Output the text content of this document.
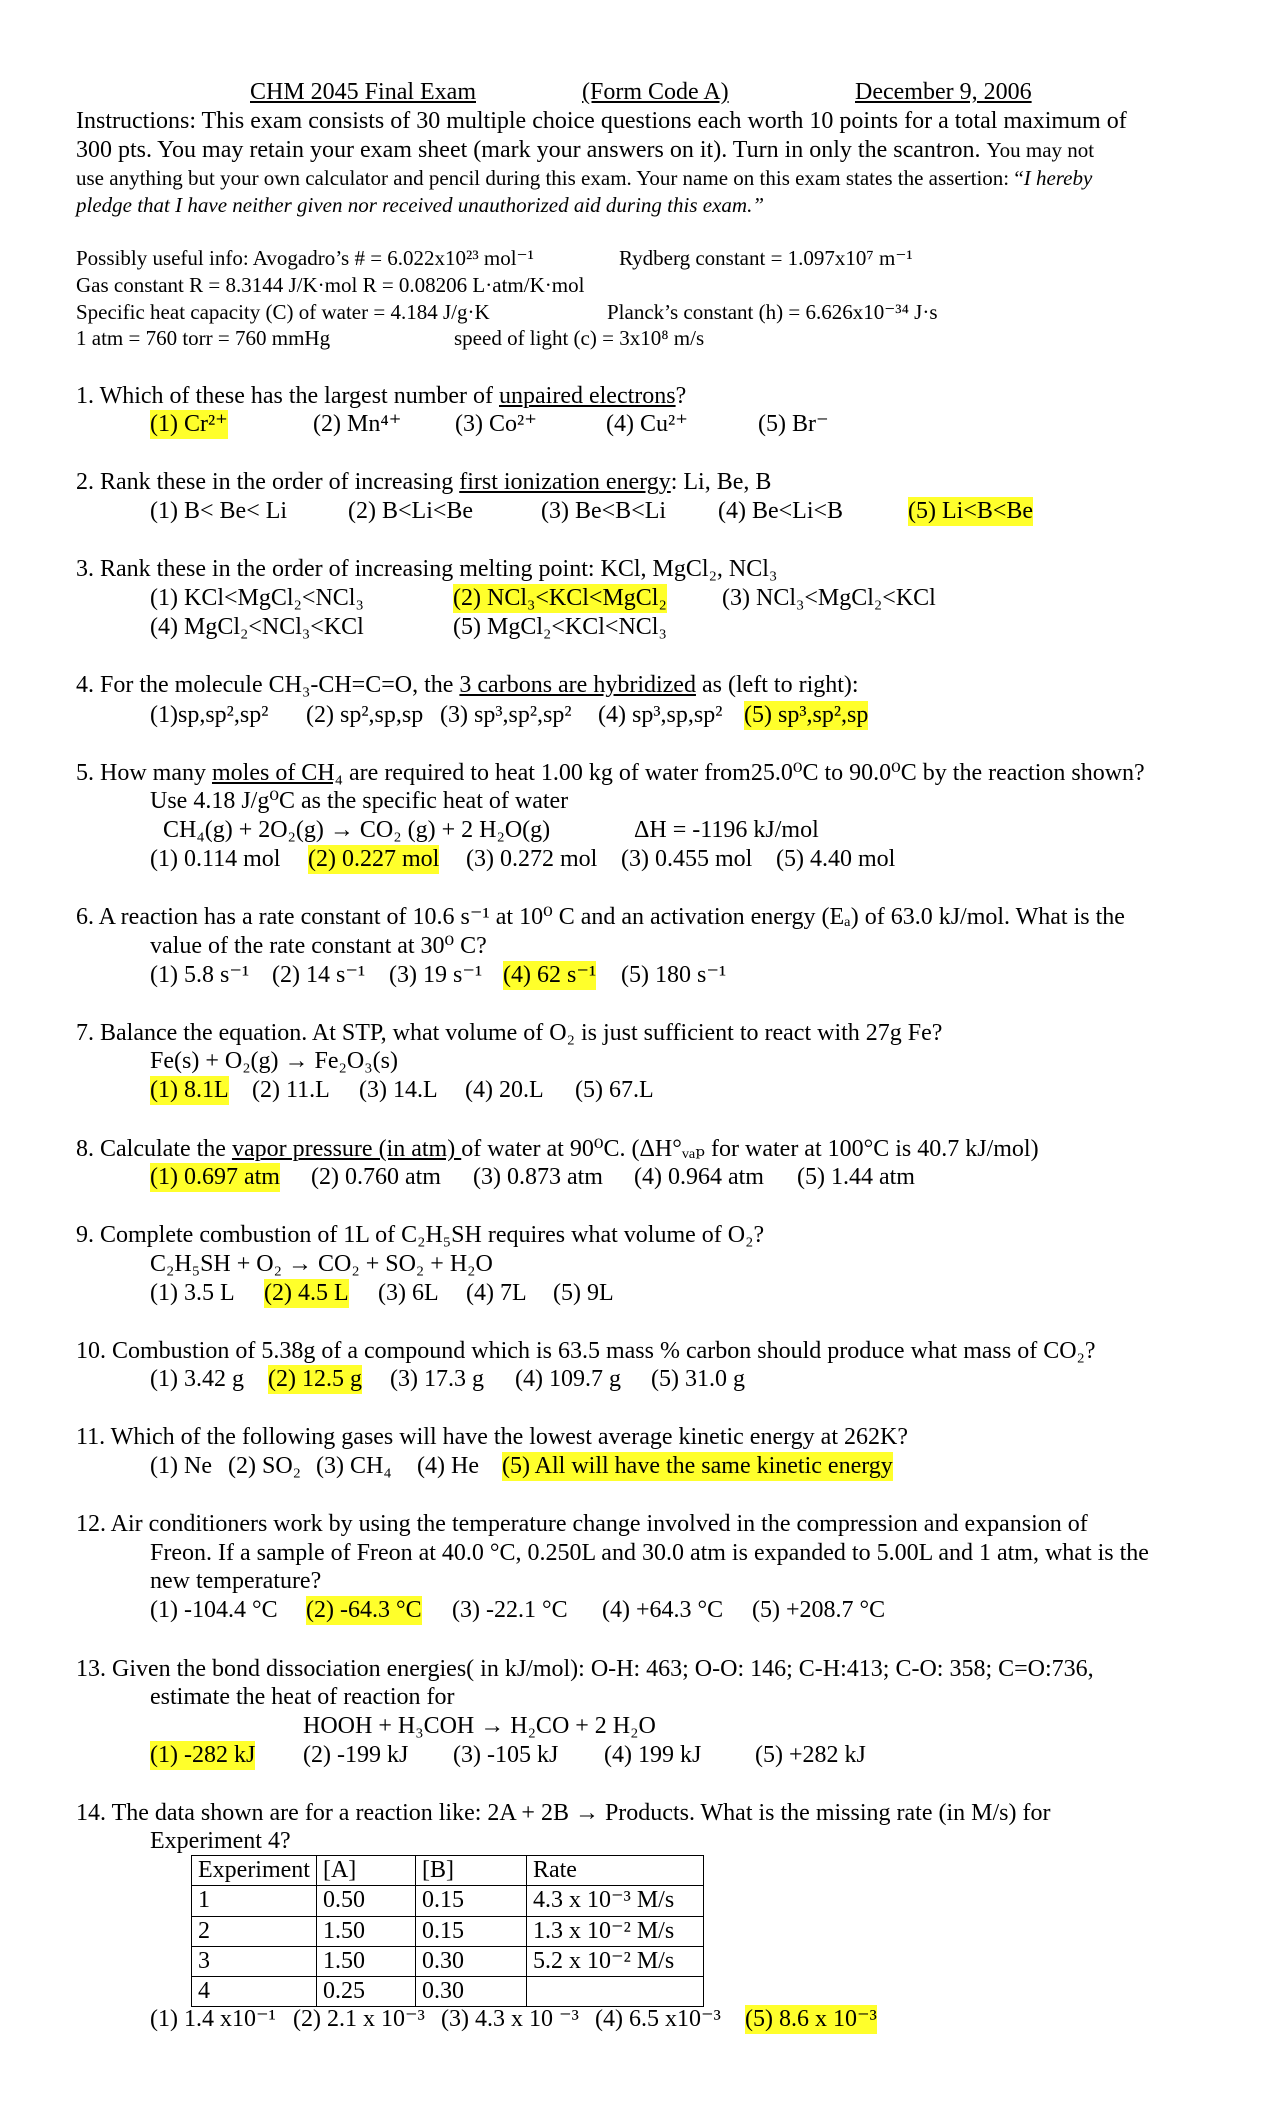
CHM 2045 Final Exam	(Form Code A)	December 9, 2006
Instructions: This exam consists of 30 multiple choice questions each worth 10 points for a total maximum of
300 pts. You may retain your exam sheet (mark your answers on it). Turn in only the scantron. You may not
use anything but your own calculator and pencil during this exam. Your name on this exam states the assertion: “I hereby
pledge that I have neither given nor received unauthorized aid during this exam.”
Possibly useful info: Avogadro’s # = 6.022x10²³ mol⁻¹	Rydberg constant = 1.097x10⁷ m⁻¹
Gas constant R = 8.3144 J/K·mol R = 0.08206 L·atm/K·mol
Specific heat capacity (C) of water = 4.184 J/g·K	Planck’s constant (h) = 6.626x10⁻³⁴ J·s
1 atm = 760 torr = 760 mmHg	speed of light (c) = 3x10⁸ m/s
1. Which of these has the largest number of unpaired electrons?
(1) Cr²⁺	(2) Mn⁴⁺ (3) Co²⁺	(4) Cu²⁺	(5) Br⁻
2. Rank these in the order of increasing first ionization energy: Li, Be, B
(1) B< Be< Li	(2) B<Li<Be	(3) Be<B<Li (4) Be<Li<B	(5) Li<B<Be
3. Rank these in the order of increasing melting point: KCl, MgCl₂, NCl₃
(1) KCl<MgCl₂<NCl₃	(2) NCl₃<KCl<MgCl₂ (3) NCl₃<MgCl₂<KCl
(4) MgCl₂<NCl₃<KCl	(5) MgCl₂<KCl<NCl₃
4. For the molecule CH₃-CH=C=O, the 3 carbons are hybridized as (left to right):
(1)sp,sp²,sp² (2) sp²,sp,sp (3) sp³,sp²,sp² (4) sp³,sp,sp² (5) sp³,sp²,sp
5. How many moles of CH₄ are required to heat 1.00 kg of water from25.0⁰C to 90.0⁰C by the reaction shown?
Use 4.18 J/g⁰C as the specific heat of water
CH₄(g) + 2O₂(g) → CO₂ (g) + 2 H₂O(g)	ΔH = -1196 kJ/mol
(1) 0.114 mol (2) 0.227 mol (3) 0.272 mol (3) 0.455 mol (5) 4.40 mol
6. A reaction has a rate constant of 10.6 s⁻¹ at 10⁰ C and an activation energy (Eₐ) of 63.0 kJ/mol. What is the
value of the rate constant at 30⁰ C?
(1) 5.8 s⁻¹ (2) 14 s⁻¹ (3) 19 s⁻¹ (4) 62 s⁻¹ (5) 180 s⁻¹
7. Balance the equation. At STP, what volume of O₂ is just sufficient to react with 27g Fe?
Fe(s) + O₂(g) → Fe₂O₃(s)
(1) 8.1L (2) 11.L (3) 14.L (4) 20.L (5) 67.L
8. Calculate the vapor pressure (in atm) of water at 90⁰C. (ΔH°ᵥₐₚ for water at 100°C is 40.7 kJ/mol)
(1) 0.697 atm (2) 0.760 atm (3) 0.873 atm (4) 0.964 atm (5) 1.44 atm
9. Complete combustion of 1L of C₂H₅SH requires what volume of O₂?
C₂H₅SH + O₂ → CO₂ + SO₂ + H₂O
(1) 3.5 L (2) 4.5 L (3) 6L (4) 7L (5) 9L
10. Combustion of 5.38g of a compound which is 63.5 mass % carbon should produce what mass of CO₂?
(1) 3.42 g (2) 12.5 g (3) 17.3 g (4) 109.7 g (5) 31.0 g
11. Which of the following gases will have the lowest average kinetic energy at 262K?
(1) Ne (2) SO₂ (3) CH₄ (4) He (5) All will have the same kinetic energy
12. Air conditioners work by using the temperature change involved in the compression and expansion of
Freon. If a sample of Freon at 40.0 °C, 0.250L and 30.0 atm is expanded to 5.00L and 1 atm, what is the
new temperature?
(1) -104.4 °C (2) -64.3 °C (3) -22.1 °C (4) +64.3 °C (5) +208.7 °C
13. Given the bond dissociation energies( in kJ/mol): O-H: 463; O-O: 146; C-H:413; C-O: 358; C=O:736,
estimate the heat of reaction for
HOOH + H₃COH → H₂CO + 2 H₂O
(1) -282 kJ (2) -199 kJ (3) -105 kJ (4) 199 kJ (5) +282 kJ
14. The data shown are for a reaction like: 2A + 2B → Products. What is the missing rate (in M/s) for
Experiment 4?
Experiment	[A]	[B]	Rate
1	0.50	0.15	4.3 x 10⁻³ M/s
2	1.50	0.15	1.3 x 10⁻² M/s
3	1.50	0.30	5.2 x 10⁻² M/s
4	0.25	0.30	
(1) 1.4 x10⁻¹ (2) 2.1 x 10⁻³ (3) 4.3 x 10 ⁻³ (4) 6.5 x10⁻³ (5) 8.6 x 10⁻³
